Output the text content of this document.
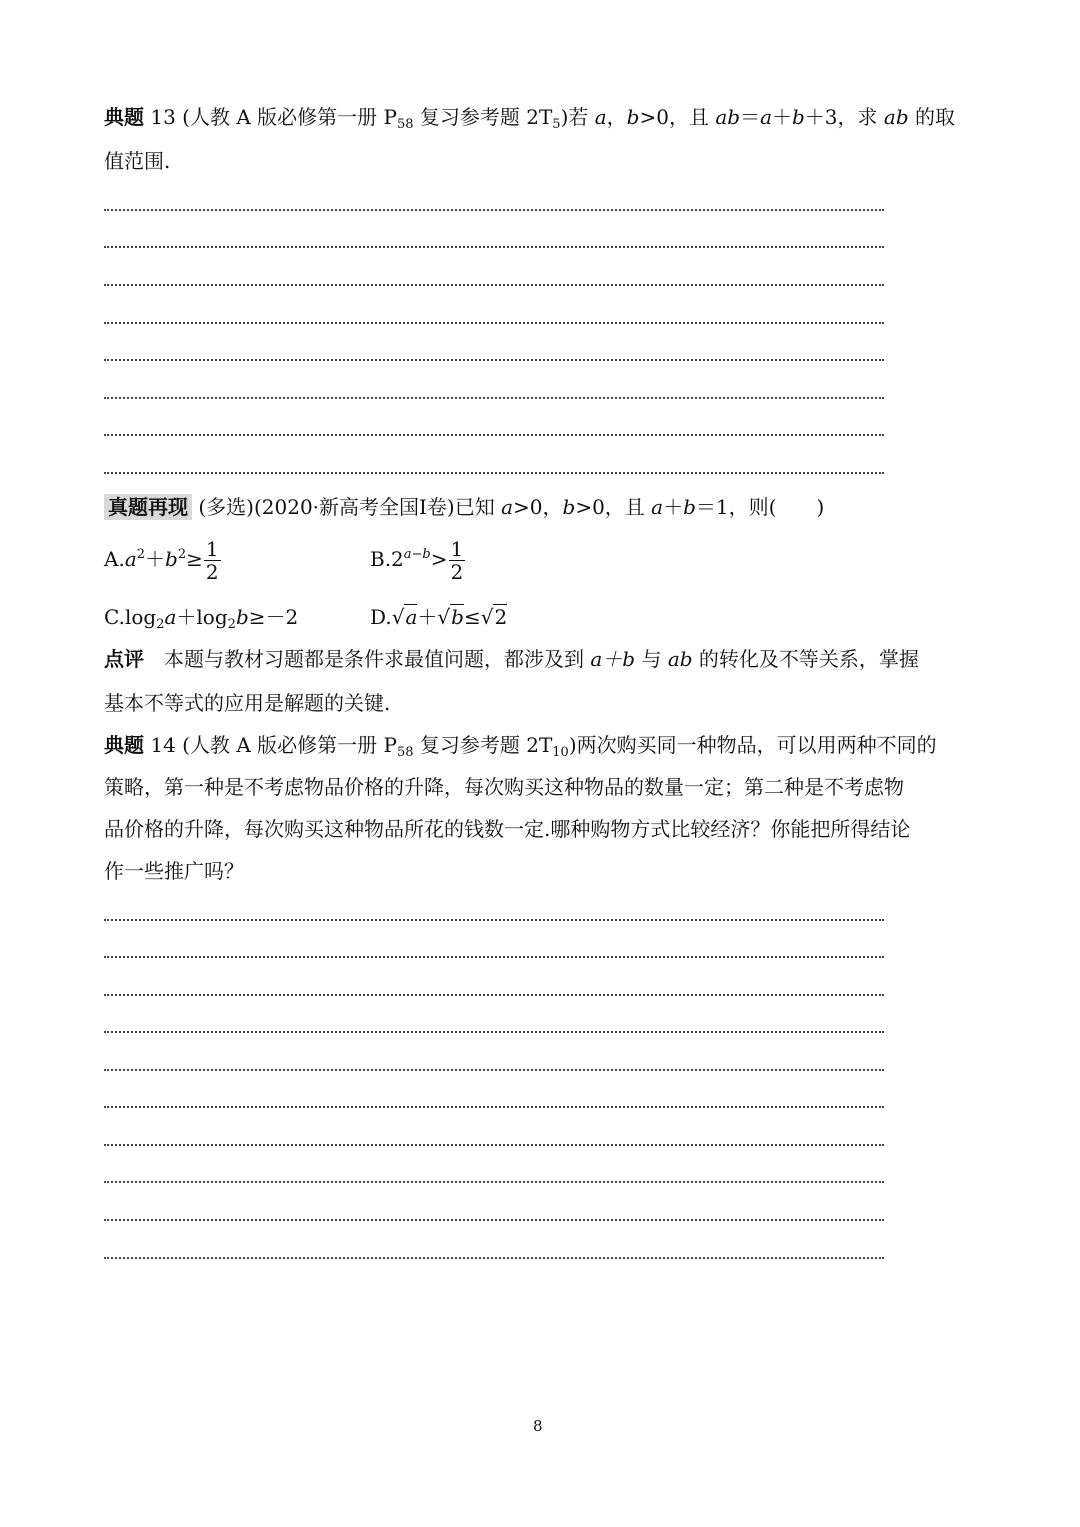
典题 13 (人教 A 版必修第一册 $P_{58}$ 复习参考题 $2T_5$)若 a，b>0，且 ab＝a＋b＋3，求 ab 的取
值范围.
真题再现 (多选)(2020·新高考全国Ⅰ卷)已知 a>0，b>0，且 a＋b＝1，则(　　)
$A.a^2+b^2\ge \frac{1}{2}$	$B.2^{a-b}> \frac{1}{2}$
$C.\log_2a+\log_2b\ge-2$	D.√a＋√b≤√2
点评　本题与教材习题都是条件求最值问题，都涉及到 a＋b 与 ab 的转化及不等关系，掌握
基本不等式的应用是解题的关键.
典题 14 (人教 A 版必修第一册 $P_{58}$ 复习参考题 $2T_{10}$)两次购买同一种物品，可以用两种不同的
策略，第一种是不考虑物品价格的升降，每次购买这种物品的数量一定；第二种是不考虑物
品价格的升降，每次购买这种物品所花的钱数一定.哪种购物方式比较经济？你能把所得结论
作一些推广吗？
8
